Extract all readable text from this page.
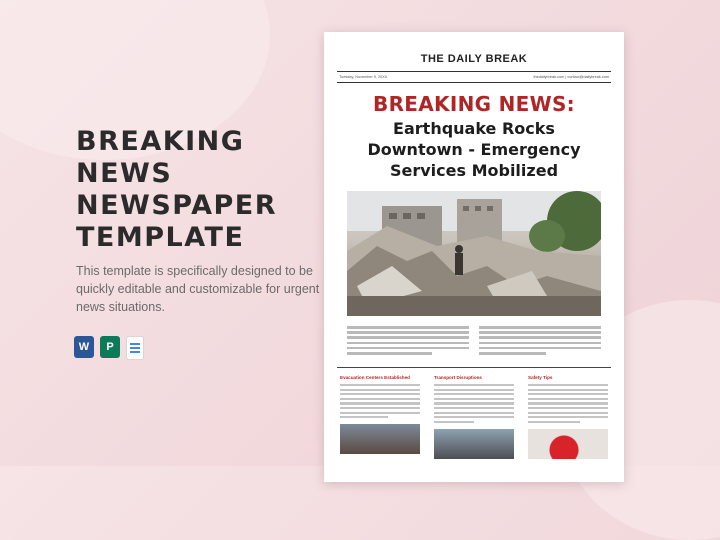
BREAKING
NEWS
NEWSPAPER
TEMPLATE

This template is specifically designed to be quickly editable and customizable for urgent news situations.

W	P
THE DAILY BREAK
Tuesday, November 9, 20XX	thedailybreak.com | contact@dailybreak.com
BREAKING NEWS:
Earthquake Rocks
Downtown - Emergency
Services Mobilized
Evacuation Centers Established	Transport Disruptions	Safety Tips
